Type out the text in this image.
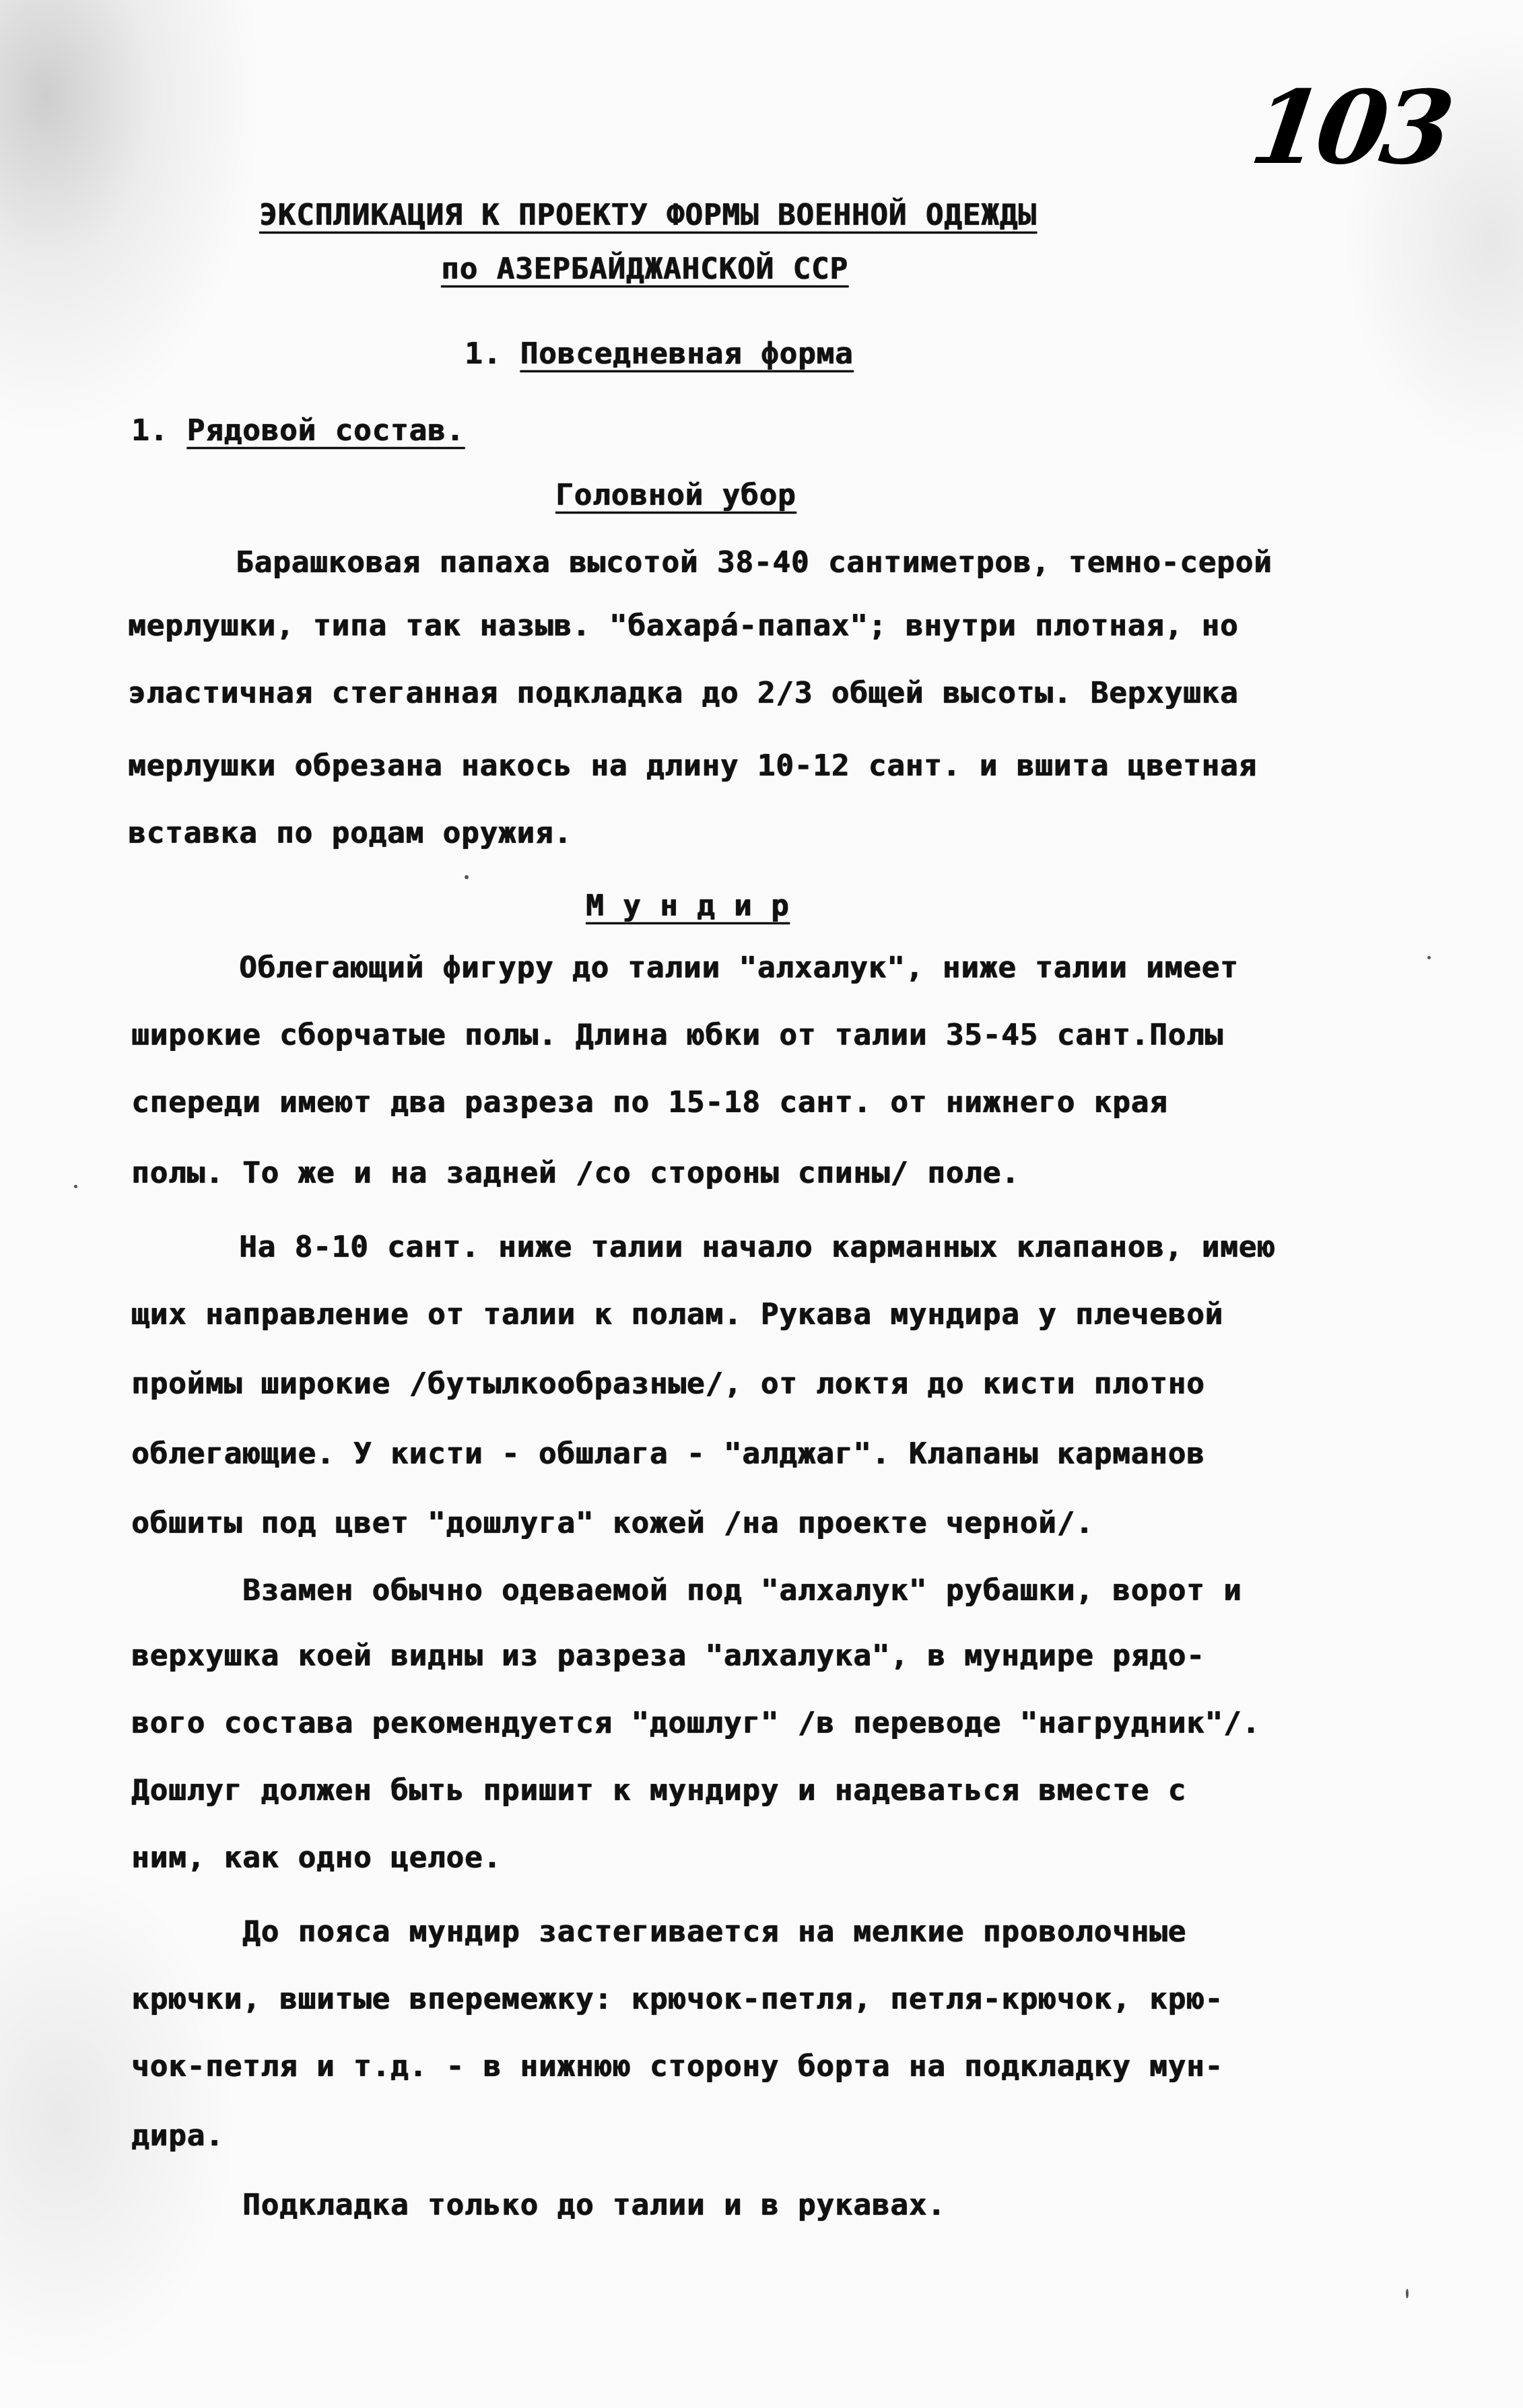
103
ЭКСПЛИКАЦИЯ К ПРОЕКТУ ФОРМЫ ВОЕННОЙ ОДЕЖДЫ
по АЗЕРБАЙДЖАНСКОЙ ССР
1. Повседневная форма
1. Рядовой состав.
Головной убор
Барашковая папаха высотой 38-40 сантиметров, темно-серой
мерлушки, типа так назыв. "бахарá-папах"; внутри плотная, но
эластичная стеганная подкладка до 2/3 общей высоты. Верхушка
мерлушки обрезана накось на длину 10-12 сант. и вшита цветная
вставка по родам оружия.
М у н д и р
Облегающий фигуру до талии "алхалук", ниже талии имеет
широкие сборчатые полы. Длина юбки от талии 35-45 сант.Полы
спереди имеют два разреза по 15-18 сант. от нижнего края
полы. То же и на задней /со стороны спины/ поле.
На 8-10 сант. ниже талии начало карманных клапанов, имею
щих направление от талии к полам. Рукава мундира у плечевой
проймы широкие /бутылкообразные/, от локтя до кисти плотно
облегающие. У кисти - обшлага - "алджаг". Клапаны карманов
обшиты под цвет "дошлуга" кожей /на проекте черной/.
Взамен обычно одеваемой под "алхалук" рубашки, ворот и
верхушка коей видны из разреза "алхалука", в мундире рядо-
вого состава рекомендуется "дошлуг" /в переводе "нагрудник"/.
Дошлуг должен быть пришит к мундиру и надеваться вместе с
ним, как одно целое.
До пояса мундир застегивается на мелкие проволочные
крючки, вшитые вперемежку: крючок-петля, петля-крючок, крю-
чок-петля и т.д. - в нижнюю сторону борта на подкладку мун-
дира.
Подкладка только до талии и в рукавах.
